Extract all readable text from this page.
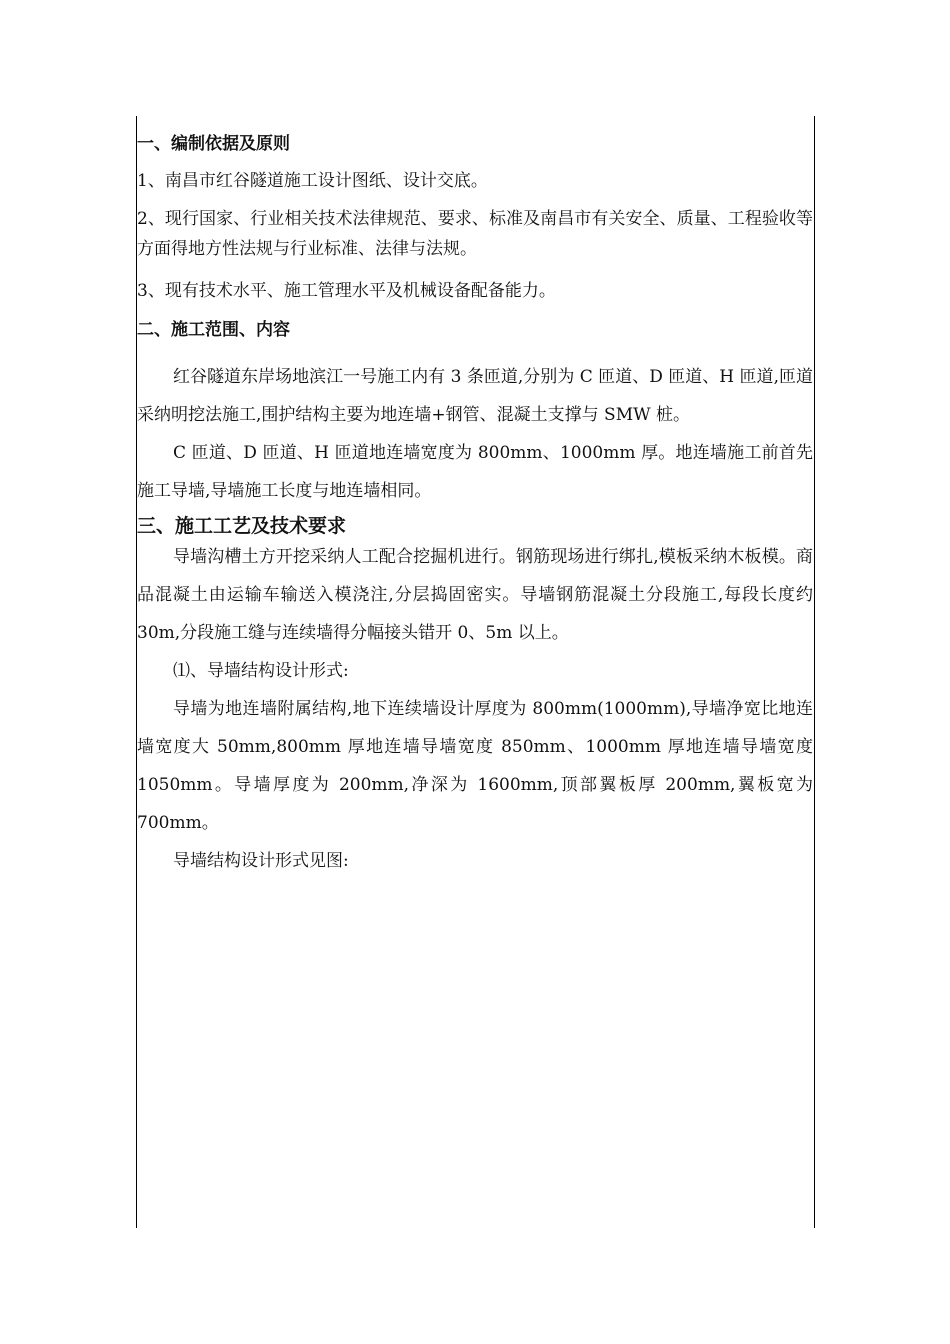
一、编制依据及原则

1、南昌市红谷隧道施工设计图纸、设计交底。

2、现行国家、行业相关技术法律规范、要求、标准及南昌市有关安全、质量、工程验收等方面得地方性法规与行业标准、法律与法规。

3、现有技术水平、施工管理水平及机械设备配备能力。

二、施工范围、内容

红谷隧道东岸场地滨江一号施工内有 3 条匝道,分别为 C 匝道、D 匝道、H 匝道,匝道采纳明挖法施工,围护结构主要为地连墙+钢管、混凝土支撑与 SMW 桩。

C 匝道、D 匝道、H 匝道地连墙宽度为 800mm、1000mm 厚。地连墙施工前首先施工导墙,导墙施工长度与地连墙相同。

三、施工工艺及技术要求

导墙沟槽土方开挖采纳人工配合挖掘机进行。钢筋现场进行绑扎,模板采纳木板模。商品混凝土由运输车输送入模浇注,分层捣固密实。导墙钢筋混凝土分段施工,每段长度约 30m,分段施工缝与连续墙得分幅接头错开 0、5m 以上。

⑴、导墙结构设计形式:

导墙为地连墙附属结构,地下连续墙设计厚度为 800mm(1000mm),导墙净宽比地连墙宽度大 50mm,800mm 厚地连墙导墙宽度 850mm、1000mm 厚地连墙导墙宽度 1050mm。导墙厚度为 200mm,净深为 1600mm,顶部翼板厚 200mm,翼板宽为 700mm。

导墙结构设计形式见图:
